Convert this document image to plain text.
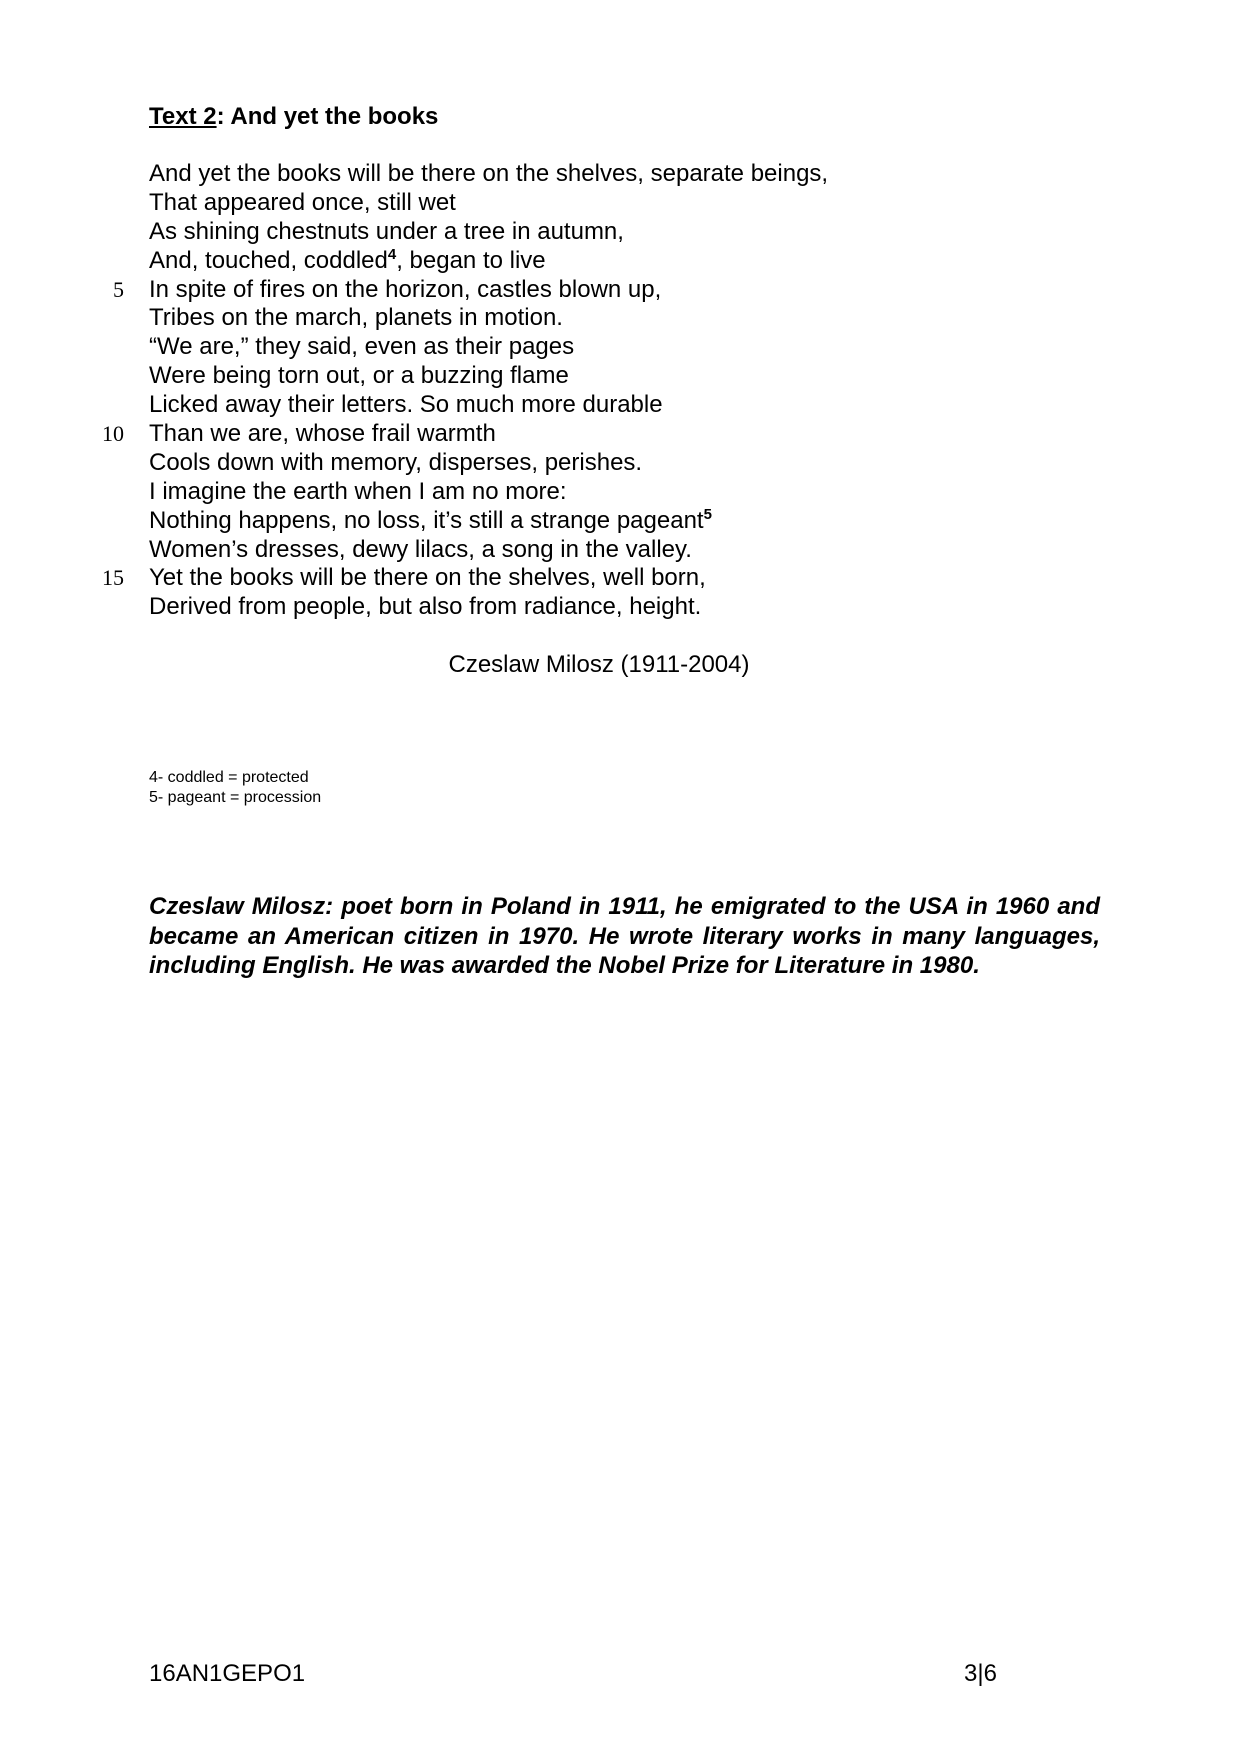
Text 2: And yet the books
And yet the books will be there on the shelves, separate beings,
That appeared once, still wet
As shining chestnuts under a tree in autumn,
And, touched, coddled$^4$, began to live
5 In spite of fires on the horizon, castles blown up,
Tribes on the march, planets in motion.
“We are,” they said, even as their pages
Were being torn out, or a buzzing flame
Licked away their letters. So much more durable
10 Than we are, whose frail warmth
Cools down with memory, disperses, perishes.
I imagine the earth when I am no more:
Nothing happens, no loss, it’s still a strange pageant$^5$
Women’s dresses, dewy lilacs, a song in the valley.
15 Yet the books will be there on the shelves, well born,
Derived from people, but also from radiance, height.
Czeslaw Milosz (1911-2004)
4- coddled = protected
5- pageant = procession
Czeslaw Milosz: poet born in Poland in 1911, he emigrated to the USA in 1960 and became an American citizen in 1970. He wrote literary works in many languages, including English. He was awarded the Nobel Prize for Literature in 1980.
16AN1GEPO1	3|6
